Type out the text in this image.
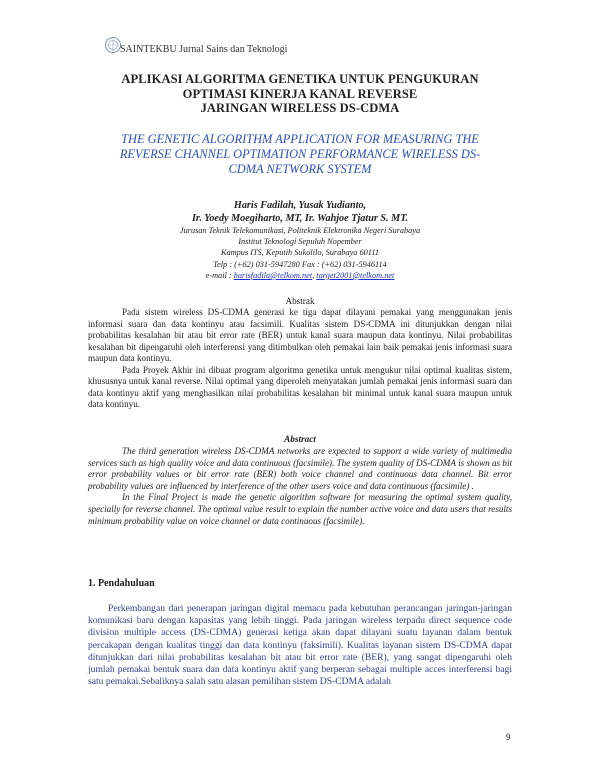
SAINTEKBU Jurnal Sains dan Teknologi
APLIKASI ALGORITMA GENETIKA UNTUK PENGUKURAN
OPTIMASI KINERJA KANAL REVERSE
JARINGAN WIRELESS DS-CDMA
THE GENETIC ALGORITHM APPLICATION FOR MEASURING THE
REVERSE CHANNEL OPTIMATION PERFORMANCE WIRELESS DS-
CDMA NETWORK SYSTEM
Haris Fadilah, Yusak Yudianto,
Ir. Yoedy Moegiharto, MT, Ir. Wahjoe Tjatur S. MT.
Jurusan Teknik Telekomunikasi, Politeknik Elektronika Negeri Surabaya
Institut Teknologi Sepuluh Nopember
Kampus ITS, Keputih Sukolilo, Surabaya 60111
Telp : (+62) 031-5947280 Fax : (+62) 031-5946114
e-mail : harisfadila@telkom.net, target2001@telkom.net
Abstrak

Pada sistem wireless DS-CDMA generasi ke tiga dapat dilayani pemakai yang menggunakan jenis informasi suara dan data kontinyu atau facsimili. Kualitas sistem DS-CDMA ini ditunjukkan dengan nilai probabilitas kesalahan bit atau bit error rate (BER) untuk kanal suara maupun data kontinyu. Nilai probabilitas kesalahan bit dipengaruhi oleh interferensi yang ditimbulkan oleh pemakai lain baik pemakai jenis informasi suara maupun data kontinyu.

Pada Proyek Akhir ini dibuat program algoritma genetika untuk mengukur nilai optimal kualitas sistem, khususnya untuk kanal reverse. Nilai optimal yang diperoleh menyatakan jumlah pemakai jenis informasi suara dan data kontinyu aktif yang menghasilkan nilai probabilitas kesalahan bit minimal untuk kanal suara maupun untuk data kontinyu.

Abstract

The third generation wireless DS-CDMA networks are expected to support a wide variety of multimedia services such as high quality voice and data continuous (facsimile). The system quality of DS-CDMA is shown as bit error probability values or bit error rate (BER) both voice channel and continuous data channel. Bit error probability values are influenced by interference of the other users voice and data continuous (facsimile) .

In the Final Project is made the genetic algorithm software for measuring the optimal system quality, specially for reverse channel. The optimal value result to explain the number active voice and data users that results minimum probability value on voice channel or data continuous (facsimile).

1. Pendahuluan

Perkembangan dari penerapan jaringan digital memacu pada kebutuhan perancangan jaringan-jaringan komunikasi baru dengan kapasitas yang lebih tinggi. Pada jaringan wireless terpadu direct sequence code division multiple access (DS-CDMA) generasi ketiga akan dapat dilayani suatu layanan dalam bentuk percakapan dengan kualitas tinggi dan data kontinyu (faksimili). Kualitas layanan sistem DS-CDMA dapat ditunjukkan dari nilai probabilitas kesalahan bit atau bit error rate (BER), yang sangat dipengaruhi oleh jumlah pemakai bentuk suara dan data kontinyu aktif yang berperan sebagai multiple acces interferensi bagi satu pemakai.Sebaliknya salah satu alasan pemilihan sistem DS-CDMA adalah

9
